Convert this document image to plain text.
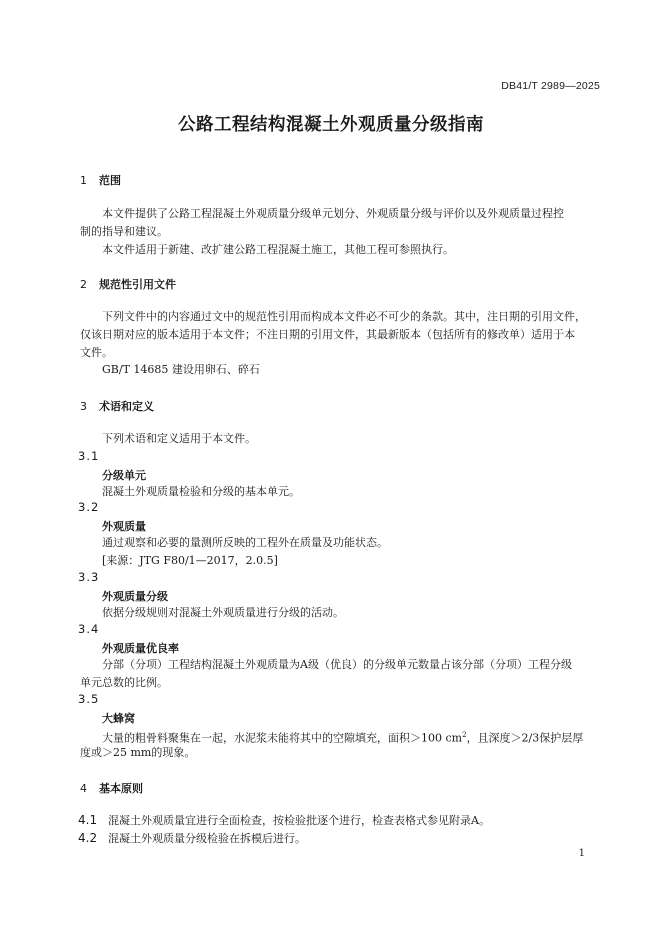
DB41/T 2989—2025
公路工程结构混凝土外观质量分级指南
1 范围
本文件提供了公路工程混凝土外观质量分级单元划分、外观质量分级与评价以及外观质量过程控
制的指导和建议。
本文件适用于新建、改扩建公路工程混凝土施工，其他工程可参照执行。
2 规范性引用文件
下列文件中的内容通过文中的规范性引用而构成本文件必不可少的条款。其中，注日期的引用文件，
仅该日期对应的版本适用于本文件；不注日期的引用文件，其最新版本（包括所有的修改单）适用于本
文件。
GB/T 14685 建设用卵石、碎石
3 术语和定义
下列术语和定义适用于本文件。
3.1
分级单元
混凝土外观质量检验和分级的基本单元。
3.2
外观质量
通过观察和必要的量测所反映的工程外在质量及功能状态。
[来源：JTG F80/1—2017，2.0.5]
3.3
外观质量分级
依据分级规则对混凝土外观质量进行分级的活动。
3.4
外观质量优良率
分部（分项）工程结构混凝土外观质量为A级（优良）的分级单元数量占该分部（分项）工程分级
单元总数的比例。
3.5
大蜂窝
大量的粗骨料聚集在一起，水泥浆未能将其中的空隙填充，面积＞100 $cm^2$，且深度＞2/3保护层厚
度或＞25 mm的现象。
4 基本原则
4.1 混凝土外观质量宜进行全面检查，按检验批逐个进行，检查表格式参见附录A。
4.2 混凝土外观质量分级检验在拆模后进行。
1
